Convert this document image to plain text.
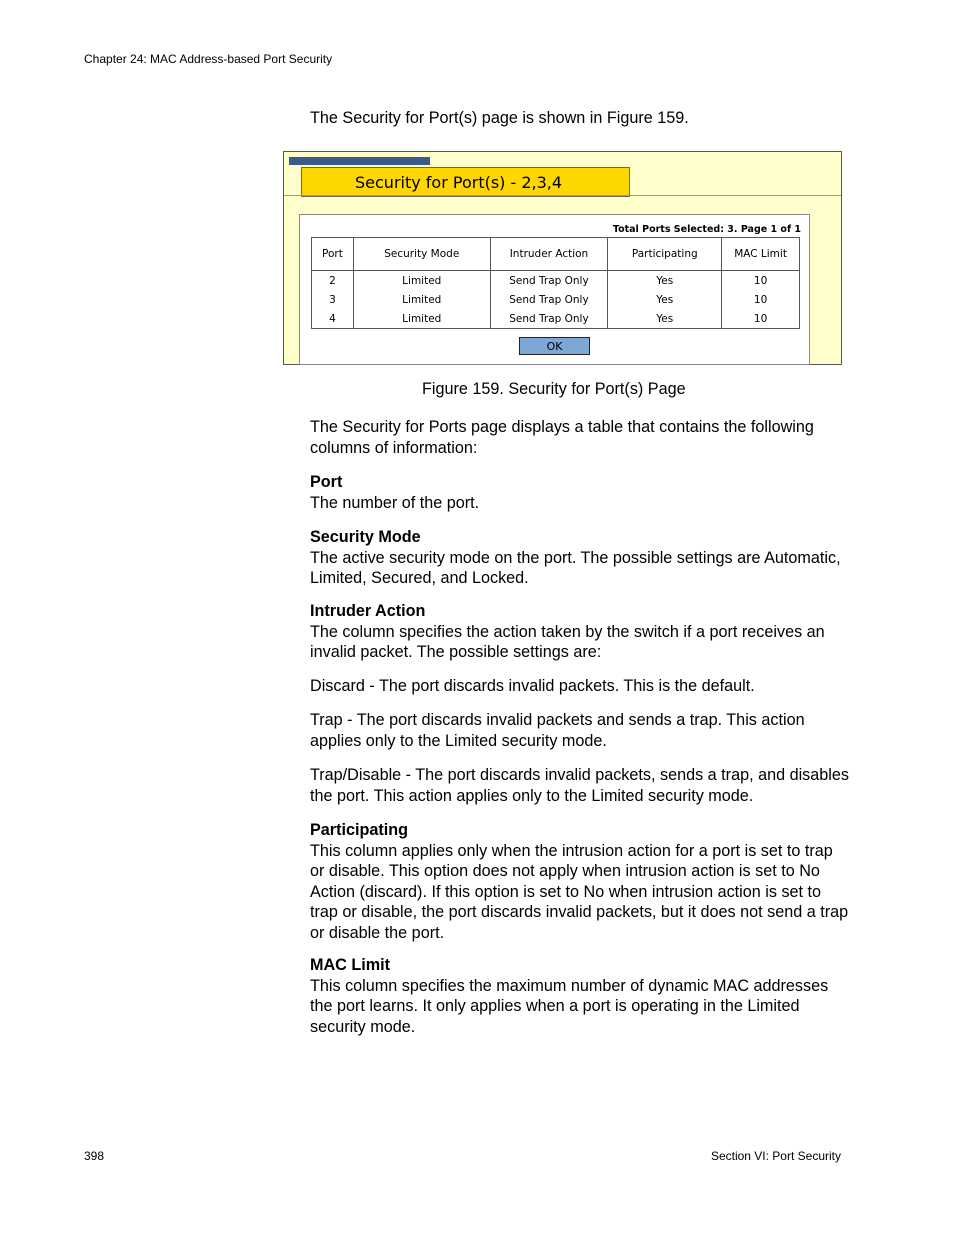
Chapter 24: MAC Address-based Port Security

The Security for Port(s) page is shown in Figure 159.

Security for Port(s) - 2,3,4
Total Ports Selected: 3. Page 1 of 1
Port	Security Mode	Intruder Action	Participating	MAC Limit
2	Limited	Send Trap Only	Yes	10
3	Limited	Send Trap Only	Yes	10
4	Limited	Send Trap Only	Yes	10
OK
Figure 159. Security for Port(s) Page

The Security for Ports page displays a table that contains the following columns of information:

Port
The number of the port.

Security Mode
The active security mode on the port. The possible settings are Automatic, Limited, Secured, and Locked.

Intruder Action
The column specifies the action taken by the switch if a port receives an invalid packet. The possible settings are:

Discard - The port discards invalid packets. This is the default.

Trap - The port discards invalid packets and sends a trap. This action applies only to the Limited security mode.

Trap/Disable - The port discards invalid packets, sends a trap, and disables the port. This action applies only to the Limited security mode.

Participating
This column applies only when the intrusion action for a port is set to trap or disable. This option does not apply when intrusion action is set to No Action (discard). If this option is set to No when intrusion action is set to trap or disable, the port discards invalid packets, but it does not send a trap or disable the port.

MAC Limit
This column specifies the maximum number of dynamic MAC addresses the port learns. It only applies when a port is operating in the Limited security mode.

398	Section VI: Port Security
